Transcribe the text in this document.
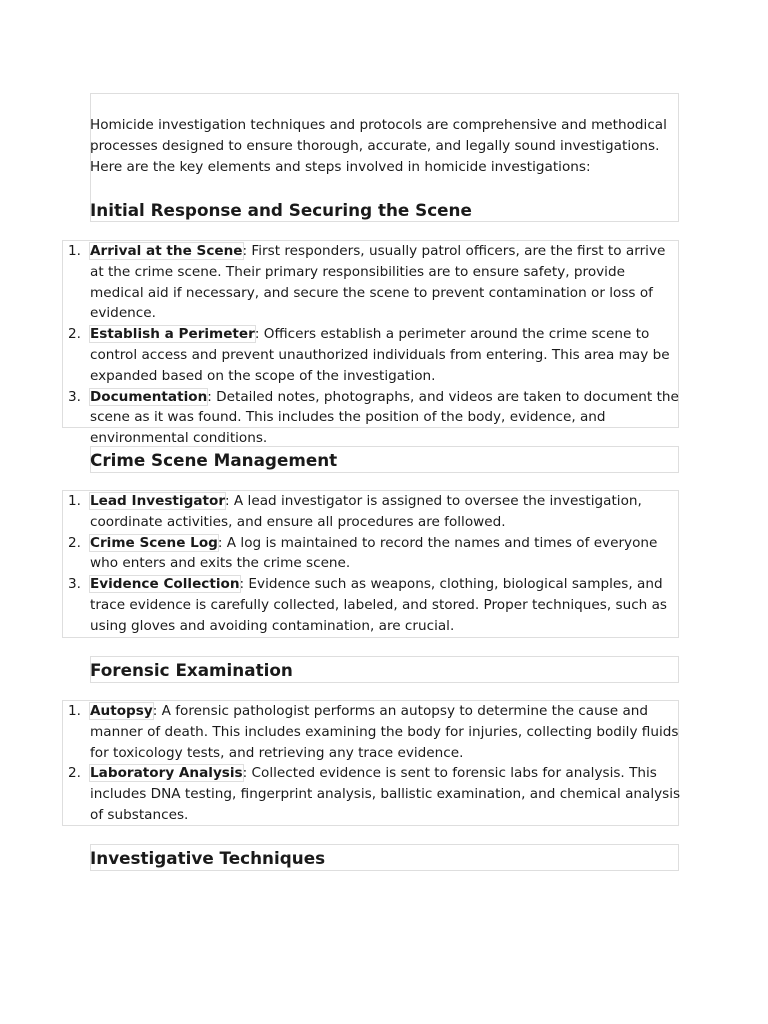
Homicide investigation techniques and protocols are comprehensive and methodical processes designed to ensure thorough, accurate, and legally sound investigations. Here are the key elements and steps involved in homicide investigations:

Initial Response and Securing the Scene
1. Arrival at the Scene: First responders, usually patrol officers, are the first to arrive at the crime scene. Their primary responsibilities are to ensure safety, provide medical aid if necessary, and secure the scene to prevent contamination or loss of evidence.
2. Establish a Perimeter: Officers establish a perimeter around the crime scene to control access and prevent unauthorized individuals from entering. This area may be expanded based on the scope of the investigation.
3. Documentation: Detailed notes, photographs, and videos are taken to document the scene as it was found. This includes the position of the body, evidence, and environmental conditions.
Crime Scene Management
1. Lead Investigator: A lead investigator is assigned to oversee the investigation, coordinate activities, and ensure all procedures are followed.
2. Crime Scene Log: A log is maintained to record the names and times of everyone who enters and exits the crime scene.
3. Evidence Collection: Evidence such as weapons, clothing, biological samples, and trace evidence is carefully collected, labeled, and stored. Proper techniques, such as using gloves and avoiding contamination, are crucial.
Forensic Examination
1. Autopsy: A forensic pathologist performs an autopsy to determine the cause and manner of death. This includes examining the body for injuries, collecting bodily fluids for toxicology tests, and retrieving any trace evidence.
2. Laboratory Analysis: Collected evidence is sent to forensic labs for analysis. This includes DNA testing, fingerprint analysis, ballistic examination, and chemical analysis of substances.
Investigative Techniques
